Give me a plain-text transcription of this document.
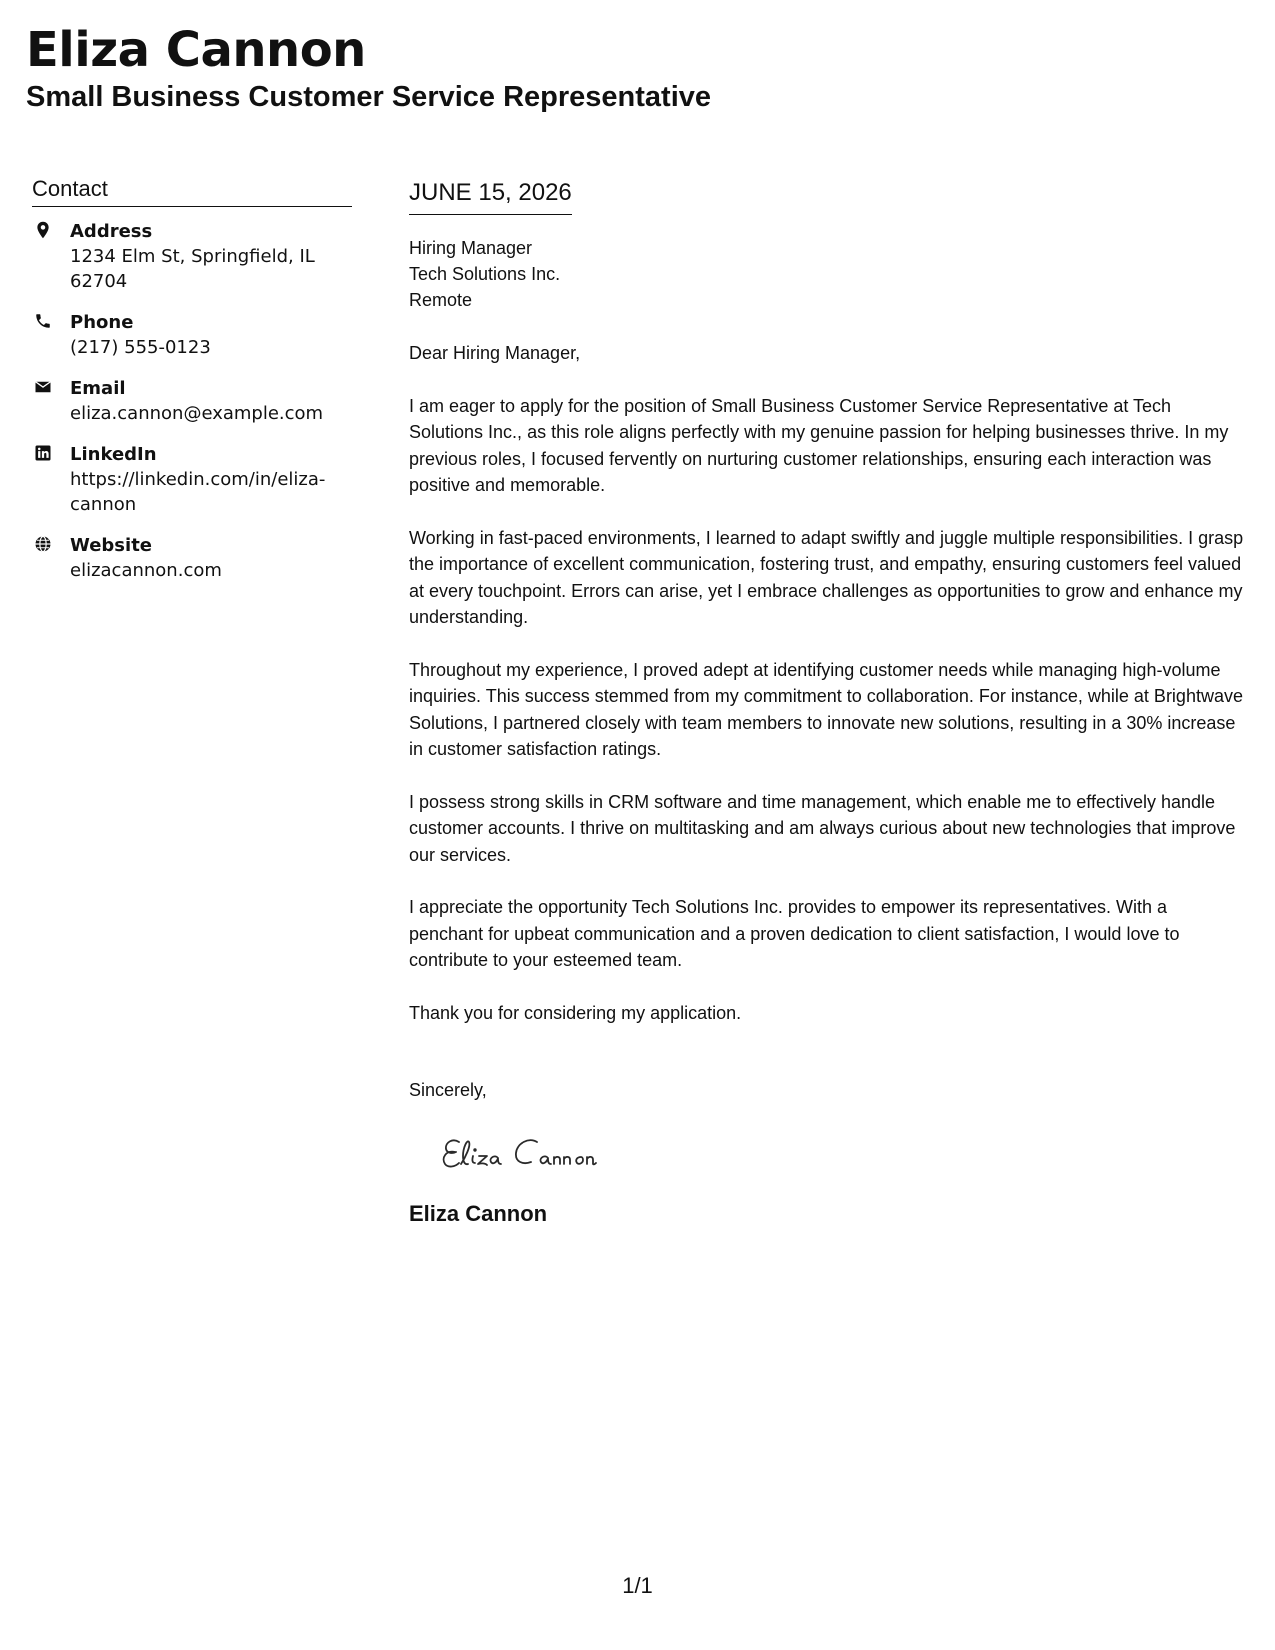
Eliza Cannon
Small Business Customer Service Representative
Contact
Address
1234 Elm St, Springfield, IL 62704
Phone
(217) 555-0123
Email
eliza.cannon@example.com
LinkedIn
https://linkedin.com/in/eliza-cannon
Website
elizacannon.com
JUNE 15, 2026
Hiring Manager
Tech Solutions Inc.
Remote
Dear Hiring Manager,
I am eager to apply for the position of Small Business Customer Service Representative at Tech Solutions Inc., as this role aligns perfectly with my genuine passion for helping businesses thrive. In my previous roles, I focused fervently on nurturing customer relationships, ensuring each interaction was positive and memorable.
Working in fast-paced environments, I learned to adapt swiftly and juggle multiple responsibilities. I grasp the importance of excellent communication, fostering trust, and empathy, ensuring customers feel valued at every touchpoint. Errors can arise, yet I embrace challenges as opportunities to grow and enhance my understanding.
Throughout my experience, I proved adept at identifying customer needs while managing high-volume inquiries. This success stemmed from my commitment to collaboration. For instance, while at Brightwave Solutions, I partnered closely with team members to innovate new solutions, resulting in a 30% increase in customer satisfaction ratings.
I possess strong skills in CRM software and time management, which enable me to effectively handle customer accounts. I thrive on multitasking and am always curious about new technologies that improve our services.
I appreciate the opportunity Tech Solutions Inc. provides to empower its representatives. With a penchant for upbeat communication and a proven dedication to client satisfaction, I would love to contribute to your esteemed team.
Thank you for considering my application.
Sincerely,
Eliza Cannon
1/1
